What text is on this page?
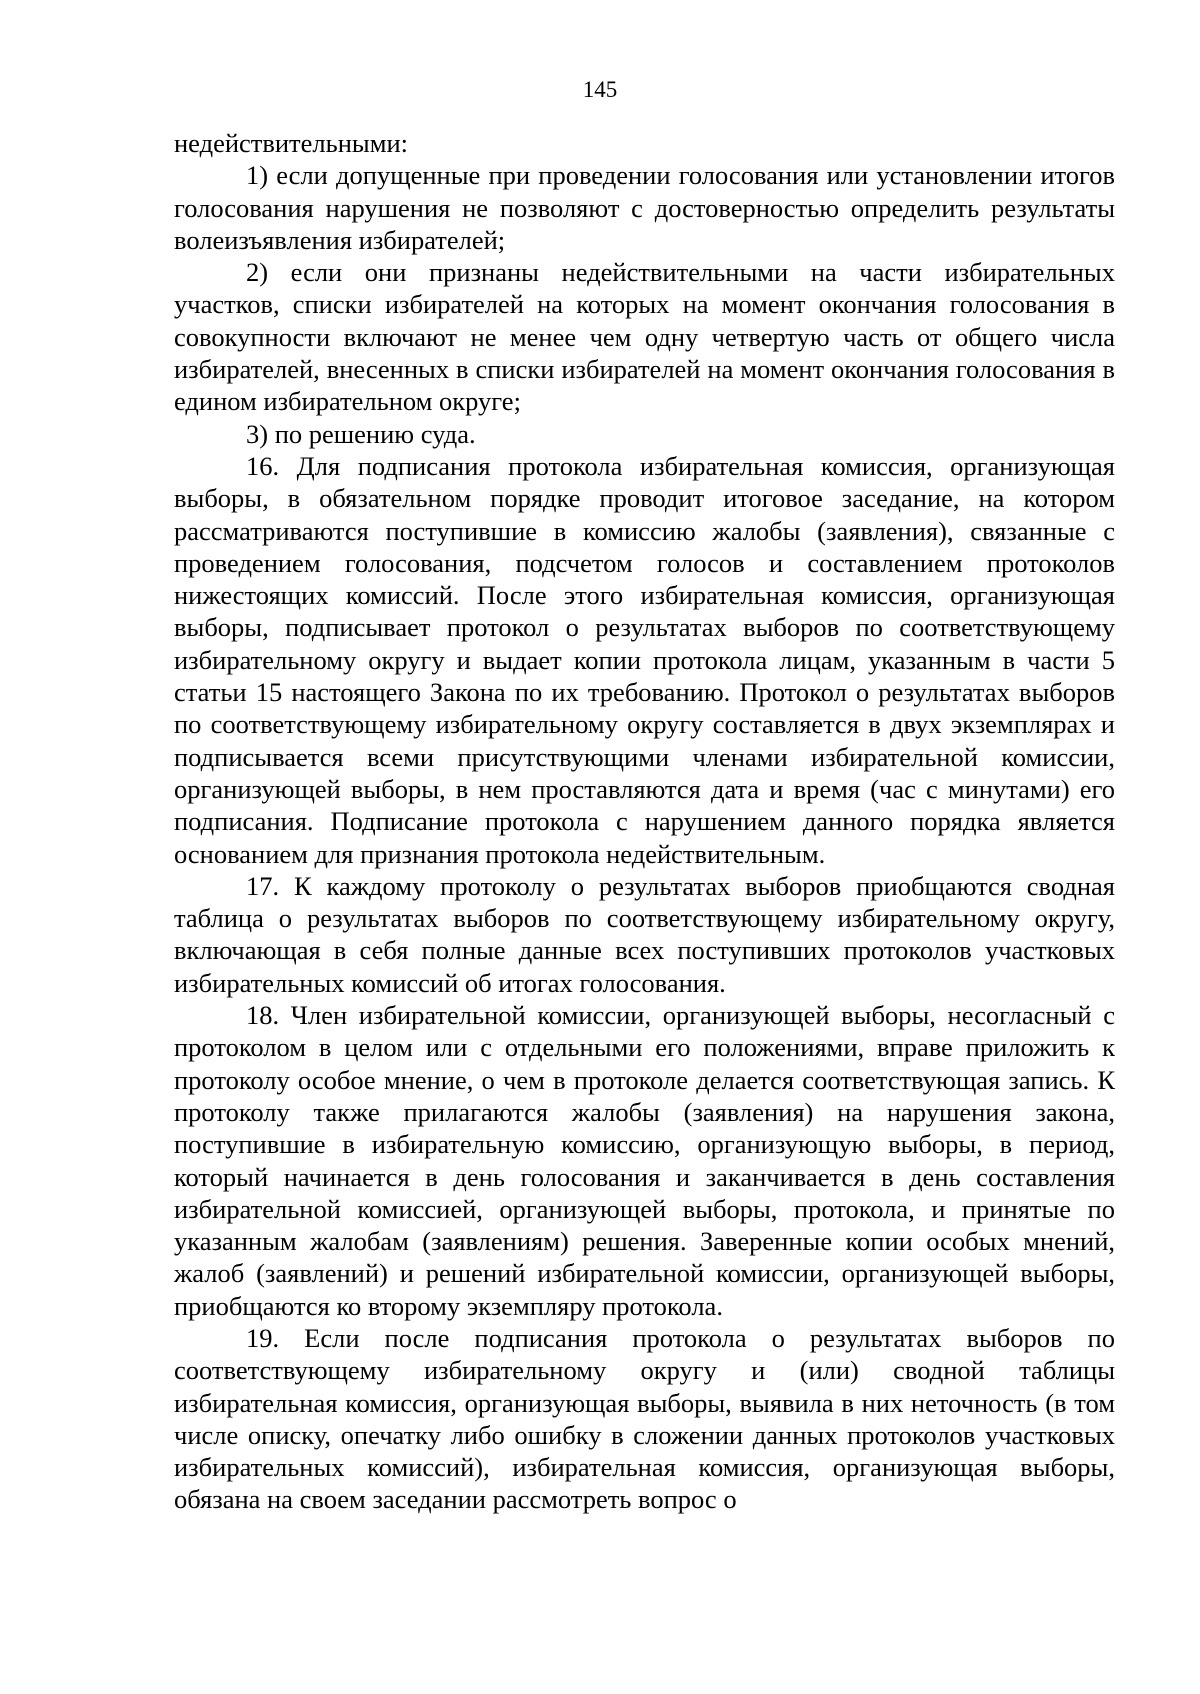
145

недействительными:

1) если допущенные при проведении голосования или установлении итогов голосования нарушения не позволяют с достоверностью определить результаты волеизъявления избирателей;

2) если они признаны недействительными на части избирательных участков, списки избирателей на которых на момент окончания голосования в совокупности включают не менее чем одну четвертую часть от общего числа избирателей, внесенных в списки избирателей на момент окончания голосования в едином избирательном округе;

3) по решению суда.

16. Для подписания протокола избирательная комиссия, организующая выборы, в обязательном порядке проводит итоговое заседание, на котором рассматриваются поступившие в комиссию жалобы (заявления), связанные с проведением голосования, подсчетом голосов и составлением протоколов нижестоящих комиссий. После этого избирательная комиссия, организующая выборы, подписывает протокол о результатах выборов по соответствующему избирательному округу и выдает копии протокола лицам, указанным в части 5 статьи 15 настоящего Закона по их требованию. Протокол о результатах выборов по соответствующему избирательному округу составляется в двух экземплярах и подписывается всеми присутствующими членами избирательной комиссии, организующей выборы, в нем проставляются дата и время (час с минутами) его подписания. Подписание протокола с нарушением данного порядка является основанием для признания протокола недействительным.

17. К каждому протоколу о результатах выборов приобщаются сводная таблица о результатах выборов по соответствующему избирательному округу, включающая в себя полные данные всех поступивших протоколов участковых избирательных комиссий об итогах голосования.

18. Член избирательной комиссии, организующей выборы, несогласный с протоколом в целом или с отдельными его положениями, вправе приложить к протоколу особое мнение, о чем в протоколе делается соответствующая запись. К протоколу также прилагаются жалобы (заявления) на нарушения закона, поступившие в избирательную комиссию, организующую выборы, в период, который начинается в день голосования и заканчивается в день составления избирательной комиссией, организующей выборы, протокола, и принятые по указанным жалобам (заявлениям) решения. Заверенные копии особых мнений, жалоб (заявлений) и решений избирательной комиссии, организующей выборы, приобщаются ко второму экземпляру протокола.

19. Если после подписания протокола о результатах выборов по соответствующему избирательному округу и (или) сводной таблицы избирательная комиссия, организующая выборы, выявила в них неточность (в том числе описку, опечатку либо ошибку в сложении данных протоколов участковых избирательных комиссий), избирательная комиссия, организующая выборы, обязана на своем заседании рассмотреть вопрос о
